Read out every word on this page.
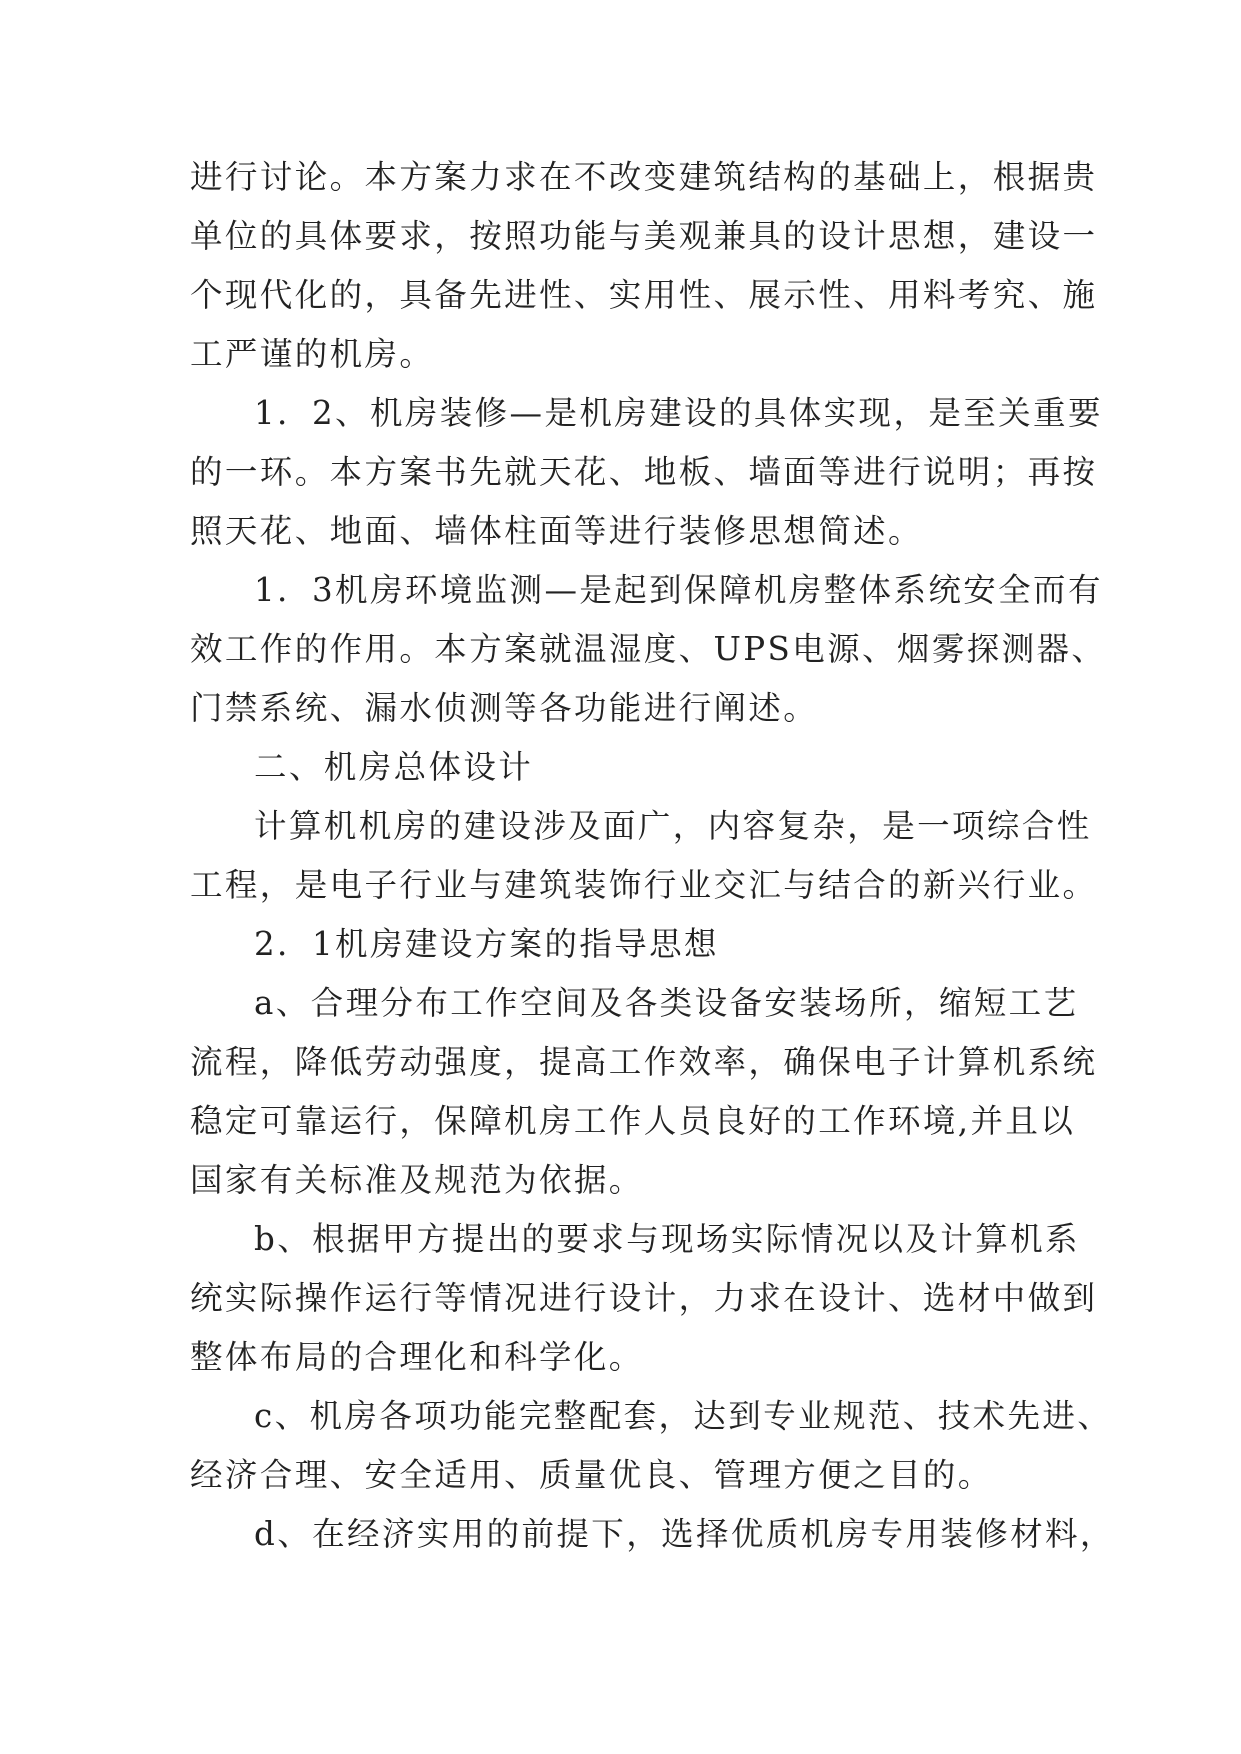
进行讨论。本方案力求在不改变建筑结构的基础上，根据贵
单位的具体要求，按照功能与美观兼具的设计思想，建设一
个现代化的，具备先进性、实用性、展示性、用料考究、施
工严谨的机房。
1．2、机房装修—是机房建设的具体实现，是至关重要
的一环。本方案书先就天花、地板、墙面等进行说明；再按
照天花、地面、墙体柱面等进行装修思想简述。
1．3机房环境监测—是起到保障机房整体系统安全而有
效工作的作用。本方案就温湿度、UPS电源、烟雾探测器、
门禁系统、漏水侦测等各功能进行阐述。
二、机房总体设计
计算机机房的建设涉及面广，内容复杂，是一项综合性
工程，是电子行业与建筑装饰行业交汇与结合的新兴行业。
2．1机房建设方案的指导思想
a、合理分布工作空间及各类设备安装场所，缩短工艺
流程，降低劳动强度，提高工作效率，确保电子计算机系统
稳定可靠运行，保障机房工作人员良好的工作环境,并且以
国家有关标准及规范为依据。
b、根据甲方提出的要求与现场实际情况以及计算机系
统实际操作运行等情况进行设计，力求在设计、选材中做到
整体布局的合理化和科学化。
c、机房各项功能完整配套，达到专业规范、技术先进、
经济合理、安全适用、质量优良、管理方便之目的。
d、在经济实用的前提下，选择优质机房专用装修材料，
